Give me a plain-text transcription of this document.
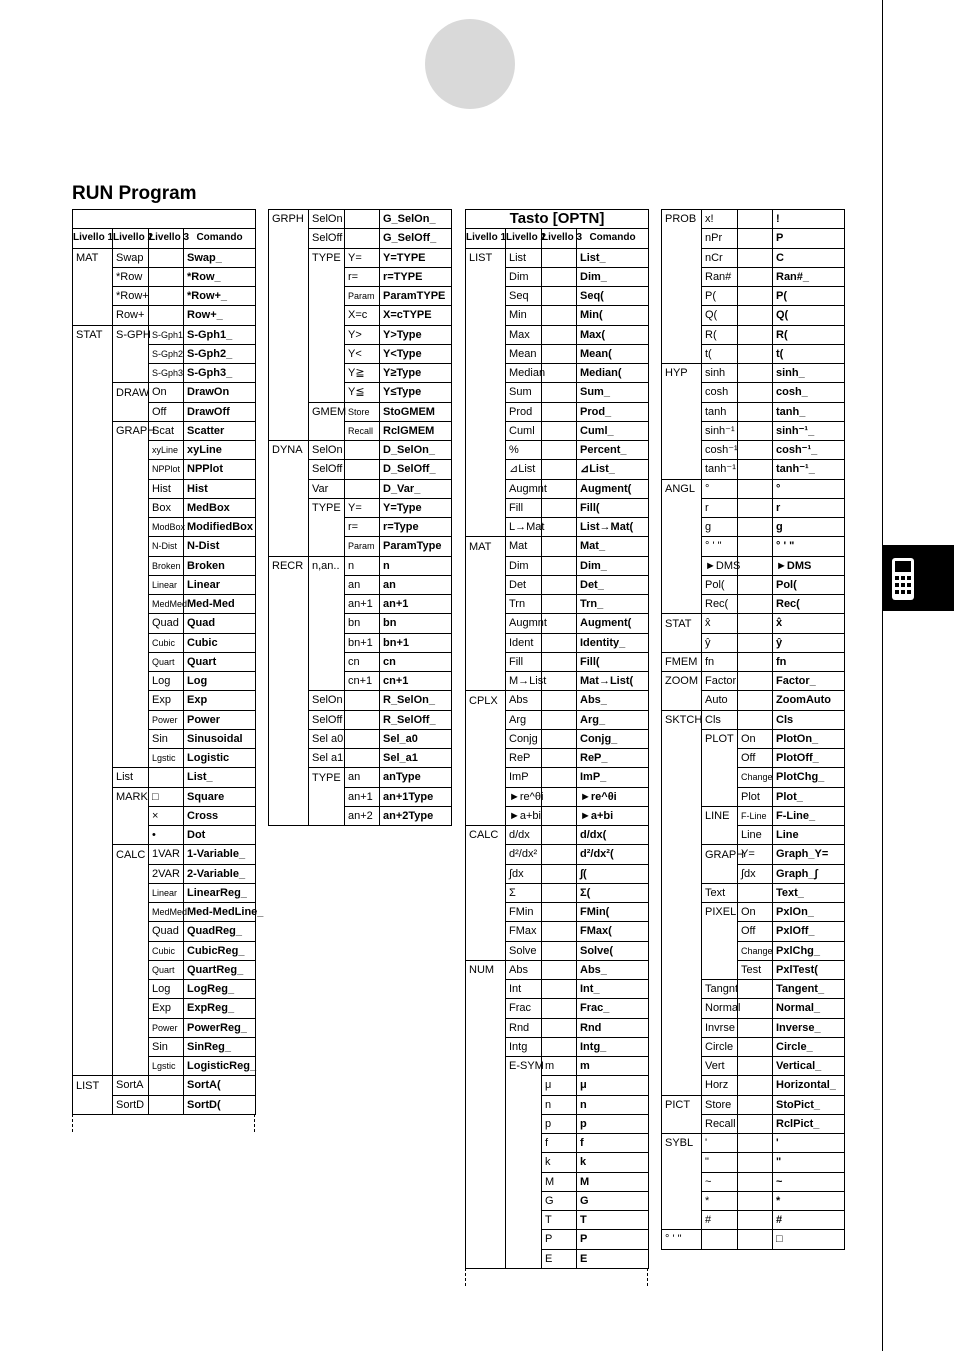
RUN Program

Livello 1	Livello 2	Livello 3	Comando
MAT	Swap		Swap_
	*Row		*Row_
	*Row+		*Row+_
	Row+		Row+_
STAT	S-GPH	S-Gph1	S-Gph1_
		S-Gph2	S-Gph2_
		S-Gph3	S-Gph3_
	DRAW	On	DrawOn
		Off	DrawOff
	GRAPH	Scat	Scatter
		xyLine	xyLine
		NPPlot	NPPlot
		Hist	Hist
		Box	MedBox
		ModBox	ModifiedBox
		N-Dist	N-Dist
		Broken	Broken
		Linear	Linear
		MedMed	Med-Med
		Quad	Quad
		Cubic	Cubic
		Quart	Quart
		Log	Log
		Exp	Exp
		Power	Power
		Sin	Sinusoidal
		Lgstic	Logistic
	List		List_
	MARK	□	Square
		×	Cross
		•	Dot
	CALC	1VAR	1-Variable_
		2VAR	2-Variable_
		Linear	LinearReg_
		MedMed	Med-MedLine_
		Quad	QuadReg_
		Cubic	CubicReg_
		Quart	QuartReg_
		Log	LogReg_
		Exp	ExpReg_
		Power	PowerReg_
		Sin	SinReg_
		Lgstic	LogisticReg_
LIST	SortA		SortA(
	SortD		SortD(
GRPH	SelOn		G_SelOn_
	SelOff		G_SelOff_
	TYPE	Y=	Y=TYPE
		r=	r=TYPE
		Param	ParamTYPE
		X=c	X=cTYPE
		Y>	Y>Type
		Y<	Y<Type
		Y≧	Y≥Type
		Y≦	Y≤Type
	GMEM	Store	StoGMEM
		Recall	RclGMEM
DYNA	SelOn		D_SelOn_
	SelOff		D_SelOff_
	Var		D_Var_
	TYPE	Y=	Y=Type
		r=	r=Type
		Param	ParamType
RECR	n,an..	n	n
		an	an
		an+1	an+1
		bn	bn
		bn+1	bn+1
		cn	cn
		cn+1	cn+1
	SelOn		R_SelOn_
	SelOff		R_SelOff_
	Sel a0		Sel_a0
	Sel a1		Sel_a1
	TYPE	an	anType
		an+1	an+1Type
		an+2	an+2Type
Tasto [OPTN]			
Livello 1	Livello 2	Livello 3	Comando
LIST	List		List_
	Dim		Dim_
	Seq		Seq(
	Min		Min(
	Max		Max(
	Mean		Mean(
	Median		Median(
	Sum		Sum_
	Prod		Prod_
	Cuml		Cuml_
	%		Percent_
	⊿List		⊿List_
	Augmnt		Augment(
	Fill		Fill(
	L→Mat		List→Mat(
MAT	Mat		Mat_
	Dim		Dim_
	Det		Det_
	Trn		Trn_
	Augmnt		Augment(
	Ident		Identity_
	Fill		Fill(
	M→List		Mat→List(
CPLX	Abs		Abs_
	Arg		Arg_
	Conjg		Conjg_
	ReP		ReP_
	ImP		ImP_
	►re^θi		►re^θi
	►a+bi		►a+bi
CALC	d/dx		d/dx(
	d²/dx²		d²/dx²(
	∫dx		∫(
	Σ		Σ(
	FMin		FMin(
	FMax		FMax(
	Solve		Solve(
NUM	Abs		Abs_
	Int		Int_
	Frac		Frac_
	Rnd		Rnd
	Intg		Intg_
	E-SYM	m	m
		μ	μ
		n	n
		p	p
		f	f
		k	k
		M	M
		G	G
		T	T
		P	P
		E	E
PROB	x!		!
	nPr		P
	nCr		C
	Ran#		Ran#_
	P(		P(
	Q(		Q(
	R(		R(
	t(		t(
HYP	sinh		sinh_
	cosh		cosh_
	tanh		tanh_
	sinh⁻¹		sinh⁻¹_
	cosh⁻¹		cosh⁻¹_
	tanh⁻¹		tanh⁻¹_
ANGL	°		°
	r		r
	g		g
	° ' "		° ' "
	►DMS		►DMS
	Pol(		Pol(
	Rec(		Rec(
STAT	x̂		x̂
	ŷ		ŷ
FMEM	fn		fn
ZOOM	Factor		Factor_
	Auto		ZoomAuto
SKTCH	Cls		Cls
	PLOT	On	PlotOn_
		Off	PlotOff_
		Change	PlotChg_
		Plot	Plot_
	LINE	F-Line	F-Line_
		Line	Line
	GRAPH	Y=	Graph_Y=
		∫dx	Graph_∫
	Text		Text_
	PIXEL	On	PxlOn_
		Off	PxlOff_
		Change	PxlChg_
		Test	PxlTest(
	Tangnt		Tangent_
	Normal		Normal_
	Invrse		Inverse_
	Circle		Circle_
	Vert		Vertical_
	Horz		Horizontal_
PICT	Store		StoPict_
	Recall		RclPict_
SYBL	'		'
	"		"
	~		~
	*		*
	#		#
° ' "			□
